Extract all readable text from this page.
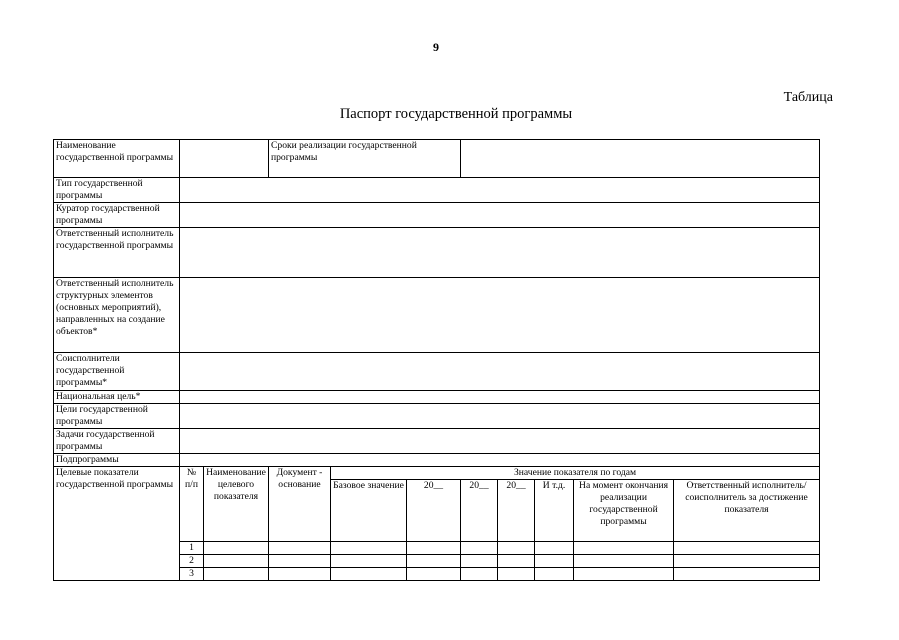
9
Таблица
Паспорт государственной программы
Наименование государственной программы			Сроки реализации государственной программы							
Тип государственной программы										
Куратор государственной программы										
Ответственный исполнитель государственной программы										
Ответственный исполнитель структурных элементов (основных мероприятий), направленных на создание объектов*										
Соисполнители государственной программы*										
Национальная цель*										
Цели государственной программы										
Задачи государственной программы										
Подпрограммы										
Целевые показатели государственной программы	№ п/п	Наименование целевого показателя	Документ - основание	Значение показателя по годам						
				Базовое значение	20__	20__	20__	И т.д.	На момент окончания реализации государственной программы	Ответственный исполнитель/ соисполнитель за достижение показателя
	1									
	2									
	3									
